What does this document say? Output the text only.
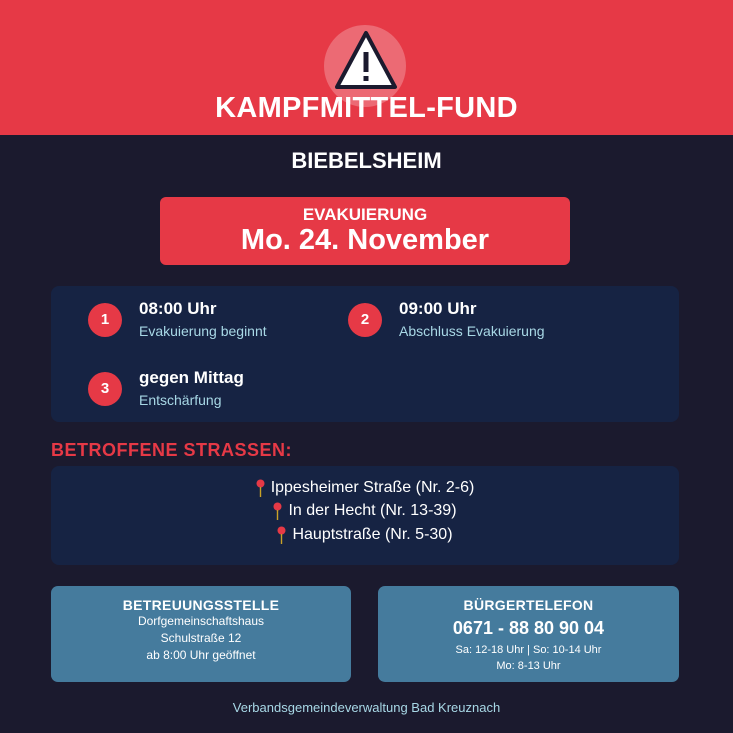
KAMPFMITTEL-FUND
BIEBELSHEIM
EVAKUIERUNG
Mo. 24. November
1
08:00 Uhr
Evakuierung beginnt
2
09:00 Uhr
Abschluss Evakuierung
3
gegen Mittag
Entschärfung
BETROFFENE STRASSEN:
Ippesheimer Straße (Nr. 2-6)
In der Hecht (Nr. 13-39)
Hauptstraße (Nr. 5-30)
BETREUUNGSSTELLE
Dorfgemeinschaftshaus
Schulstraße 12
ab 8:00 Uhr geöffnet
BÜRGERTELEFON
0671 - 88 80 90 04
Sa: 12-18 Uhr | So: 10-14 Uhr
Mo: 8-13 Uhr
Verbandsgemeindeverwaltung Bad Kreuznach
